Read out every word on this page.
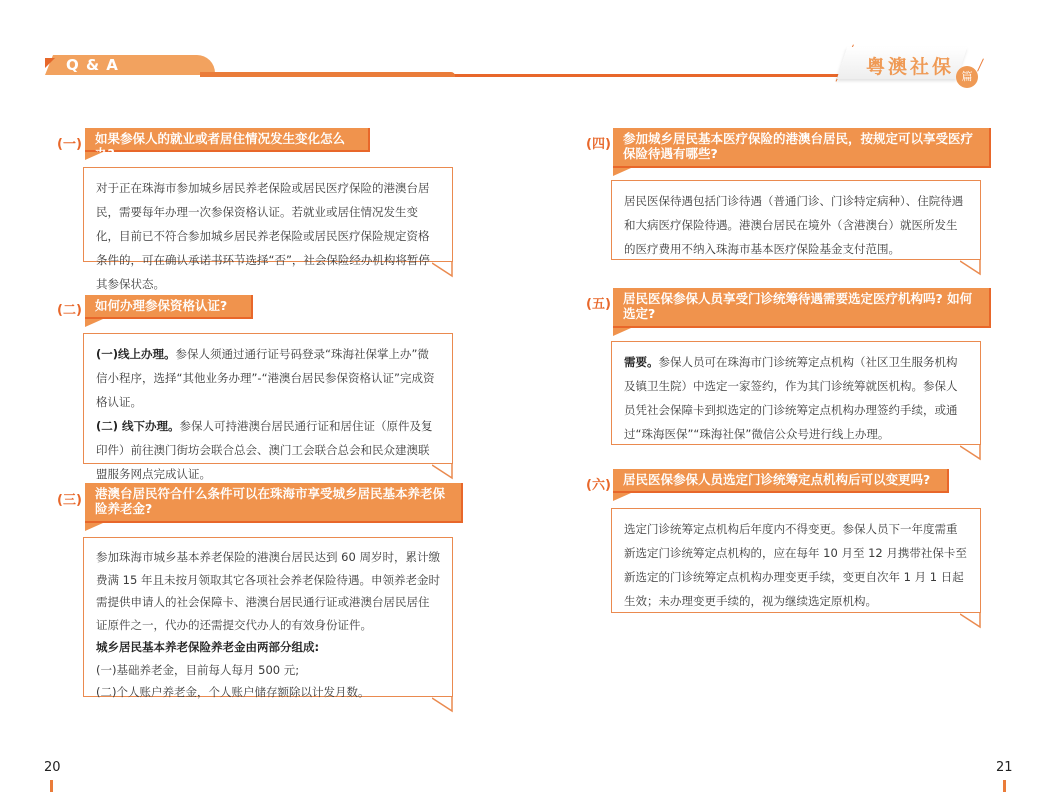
Q & A	粤澳社保 篇
(一)	如果参保人的就业或者居住情况发生变化怎么办?
对于正在珠海市参加城乡居民养老保险或居民医疗保险的港澳台居民，需要每年办理一次参保资格认证。若就业或居住情况发生变化，目前已不符合参加城乡居民养老保险或居民医疗保险规定资格条件的，可在确认承诺书环节选择“否”，社会保险经办机构将暂停其参保状态。
(二)	如何办理参保资格认证?
(一)线上办理。参保人须通过通行证号码登录“珠海社保掌上办”微信小程序，选择“其他业务办理”-“港澳台居民参保资格认证”完成资格认证。
(二) 线下办理。参保人可持港澳台居民通行证和居住证（原件及复印件）前往澳门街坊会联合总会、澳门工会联合总会和民众建澳联盟服务网点完成认证。
(三)	港澳台居民符合什么条件可以在珠海市享受城乡居民基本养老保险养老金?
参加珠海市城乡基本养老保险的港澳台居民达到 60 周岁时，累计缴费满 15 年且未按月领取其它各项社会养老保险待遇。申领养老金时需提供申请人的社会保障卡、港澳台居民通行证或港澳台居民居住证原件之一，代办的还需提交代办人的有效身份证件。
城乡居民基本养老保险养老金由两部分组成:
(一)基础养老金，目前每人每月 500 元;
(二)个人账户养老金，个人账户储存额除以计发月数。
20
(四) 参加城乡居民基本医疗保险的港澳台居民，按规定可以享受医疗保险待遇有哪些?
居民医保待遇包括门诊待遇（普通门诊、门诊特定病种）、住院待遇和大病医疗保险待遇。港澳台居民在境外（含港澳台）就医所发生的医疗费用不纳入珠海市基本医疗保险基金支付范围。
(五) 居民医保参保人员享受门诊统筹待遇需要选定医疗机构吗? 如何选定?
需要。参保人员可在珠海市门诊统筹定点机构（社区卫生服务机构及镇卫生院）中选定一家签约，作为其门诊统筹就医机构。参保人员凭社会保障卡到拟选定的门诊统筹定点机构办理签约手续，或通过“珠海医保”“珠海社保”微信公众号进行线上办理。
(六) 居民医保参保人员选定门诊统筹定点机构后可以变更吗?
选定门诊统筹定点机构后年度内不得变更。参保人员下一年度需重新选定门诊统筹定点机构的，应在每年 10 月至 12 月携带社保卡至新选定的门诊统筹定点机构办理变更手续，变更自次年 1 月 1 日起生效；未办理变更手续的，视为继续选定原机构。
21
